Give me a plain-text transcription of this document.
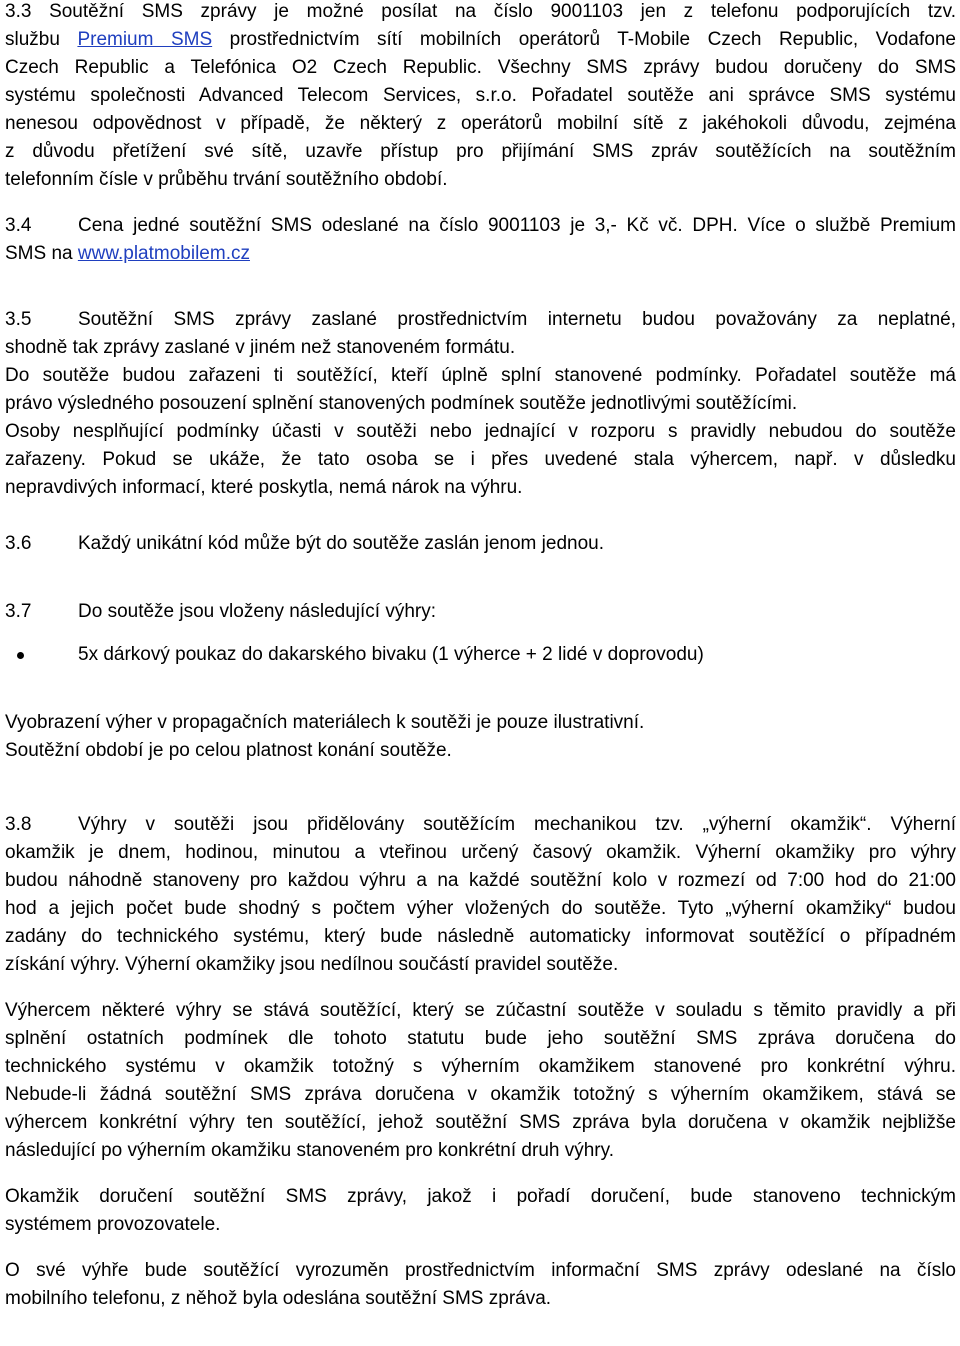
3.3 Soutěžní SMS zprávy je možné posílat na číslo 9001103 jen z telefonu podporujících tzv.
službu Premium SMS prostřednictvím sítí mobilních operátorů T-Mobile Czech Republic, Vodafone
Czech Republic a Telefónica O2 Czech Republic. Všechny SMS zprávy budou doručeny do SMS
systému společnosti Advanced Telecom Services, s.r.o. Pořadatel soutěže ani správce SMS systému
nenesou odpovědnost v případě, že některý z operátorů mobilní sítě z jakéhokoli důvodu, zejména
z důvodu přetížení své sítě, uzavře přístup pro přijímání SMS zpráv soutěžících na soutěžním
telefonním čísle v průběhu trvání soutěžního období.
3.4 Cena jedné soutěžní SMS odeslané na číslo 9001103 je 3,- Kč vč. DPH. Více o službě Premium
SMS na www.platmobilem.cz
3.5 Soutěžní SMS zprávy zaslané prostřednictvím internetu budou považovány za neplatné,
shodně tak zprávy zaslané v jiném než stanoveném formátu.
Do soutěže budou zařazeni ti soutěžící, kteří úplně splní stanovené podmínky. Pořadatel soutěže má
právo výsledného posouzení splnění stanovených podmínek soutěže jednotlivými soutěžícími.
Osoby nesplňující podmínky účasti v soutěži nebo jednající v rozporu s pravidly nebudou do soutěže
zařazeny. Pokud se ukáže, že tato osoba se i přes uvedené stala výhercem, např. v důsledku
nepravdivých informací, které poskytla, nemá nárok na výhru.
3.6 Každý unikátní kód může být do soutěže zaslán jenom jednou.
3.7 Do soutěže jsou vloženy následující výhry:
5x dárkový poukaz do dakarského bivaku (1 výherce + 2 lidé v doprovodu)
Vyobrazení výher v propagačních materiálech k soutěži je pouze ilustrativní.
Soutěžní období je po celou platnost konání soutěže.
3.8 Výhry v soutěži jsou přidělovány soutěžícím mechanikou tzv. „výherní okamžik“. Výherní
okamžik je dnem, hodinou, minutou a vteřinou určený časový okamžik. Výherní okamžiky pro výhry
budou náhodně stanoveny pro každou výhru a na každé soutěžní kolo v rozmezí od 7:00 hod do 21:00
hod a jejich počet bude shodný s počtem výher vložených do soutěže. Tyto „výherní okamžiky“ budou
zadány do technického systému, který bude následně automaticky informovat soutěžící o případném
získání výhry. Výherní okamžiky jsou nedílnou součástí pravidel soutěže.
Výhercem některé výhry se stává soutěžící, který se zúčastní soutěže v souladu s těmito pravidly a při
splnění ostatních podmínek dle tohoto statutu bude jeho soutěžní SMS zpráva doručena do
technického systému v okamžik totožný s výherním okamžikem stanovené pro konkrétní výhru.
Nebude-li žádná soutěžní SMS zpráva doručena v okamžik totožný s výherním okamžikem, stává se
výhercem konkrétní výhry ten soutěžící, jehož soutěžní SMS zpráva byla doručena v okamžik nejbližše
následující po výherním okamžiku stanoveném pro konkrétní druh výhry.
Okamžik doručení soutěžní SMS zprávy, jakož i pořadí doručení, bude stanoveno technickým
systémem provozovatele.
O své výhře bude soutěžící vyrozuměn prostřednictvím informační SMS zprávy odeslané na číslo
mobilního telefonu, z něhož byla odeslána soutěžní SMS zpráva.
